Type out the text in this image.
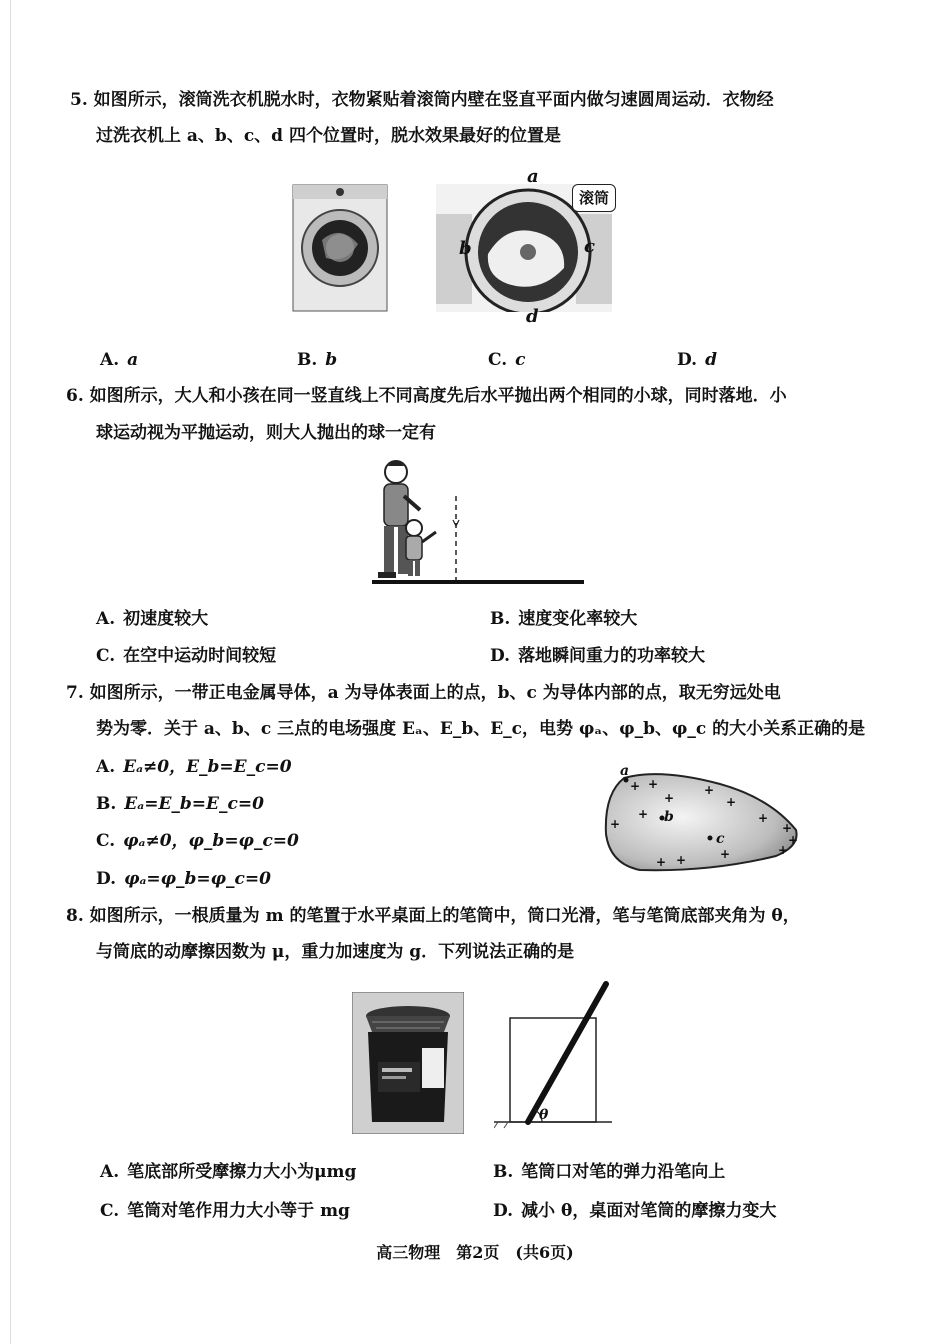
5. 如图所示，滚筒洗衣机脱水时，衣物紧贴着滚筒内壁在竖直平面内做匀速圆周运动．衣物经
过洗衣机上 a、b、c、d 四个位置时，脱水效果最好的位置是
a
b	c
d
滚筒
A. a	B. b	C. c	D. d
6. 如图所示，大人和小孩在同一竖直线上不同高度先后水平抛出两个相同的小球，同时落地．小
球运动视为平抛运动，则大人抛出的球一定有
A. 初速度较大	B. 速度变化率较大
C. 在空中运动时间较短	D. 落地瞬间重力的功率较大
7. 如图所示，一带正电金属导体，a 为导体表面上的点，b、c 为导体内部的点，取无穷远处电
势为零．关于 a、b、c 三点的电场强度 Eₐ、E_b、E_c，电势 φₐ、φ_b、φ_c 的大小关系正确的是
A. Eₐ≠0，E_b=E_c=0
B. Eₐ=E_b=E_c=0
C. φₐ≠0，φ_b=φ_c=0
D. φₐ=φ_b=φ_c=0
+ +
+
+
+
+
+
+
+
+
+
+
+
+
a
b
c
8. 如图所示，一根质量为 m 的笔置于水平桌面上的笔筒中，筒口光滑，笔与笔筒底部夹角为 θ，
与筒底的动摩擦因数为 μ，重力加速度为 g．下列说法正确的是
θ
A. 笔底部所受摩擦力大小为μmg	B. 笔筒口对笔的弹力沿笔向上
C. 笔筒对笔作用力大小等于 mg	D. 减小 θ，桌面对笔筒的摩擦力变大
高三物理　第2页　(共6页)
